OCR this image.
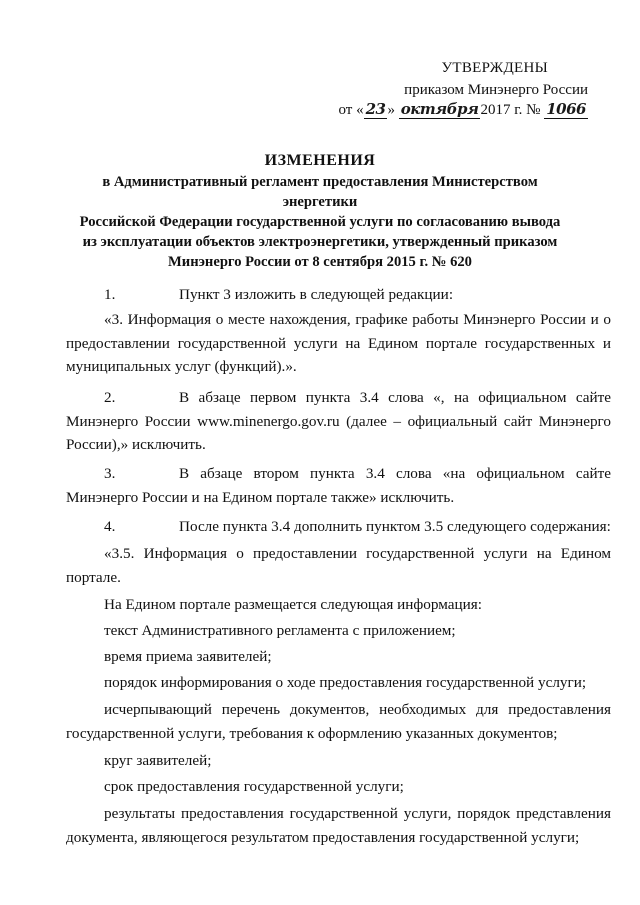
УТВЕРЖДЕНЫ
приказом Минэнерго России
от « 23 » октября 2017 г. № 1066
ИЗМЕНЕНИЯ
в Административный регламент предоставления Министерством энергетики
Российской Федерации государственной услуги по согласованию вывода
из эксплуатации объектов электроэнергетики, утвержденный приказом
Минэнерго России от 8 сентября 2015 г. № 620
1.	Пункт 3 изложить в следующей редакции:
«3. Информация о месте нахождения, графике работы Минэнерго России и о предоставлении государственной услуги на Едином портале государственных и муниципальных услуг (функций).».
2.	В абзаце первом пункта 3.4 слова «, на официальном сайте Минэнерго России www.minenergo.gov.ru (далее – официальный сайт Минэнерго России),» исключить.
3.	В абзаце втором пункта 3.4 слова «на официальном сайте Минэнерго России и на Едином портале также» исключить.
4.	После пункта 3.4 дополнить пунктом 3.5 следующего содержания:
«3.5. Информация о предоставлении государственной услуги на Едином портале.
На Едином портале размещается следующая информация:
текст Административного регламента с приложением;
время приема заявителей;
порядок информирования о ходе предоставления государственной услуги;
исчерпывающий перечень документов, необходимых для предоставления государственной услуги, требования к оформлению указанных документов;
круг заявителей;
срок предоставления государственной услуги;
результаты предоставления государственной услуги, порядок представления документа, являющегося результатом предоставления государственной услуги;
